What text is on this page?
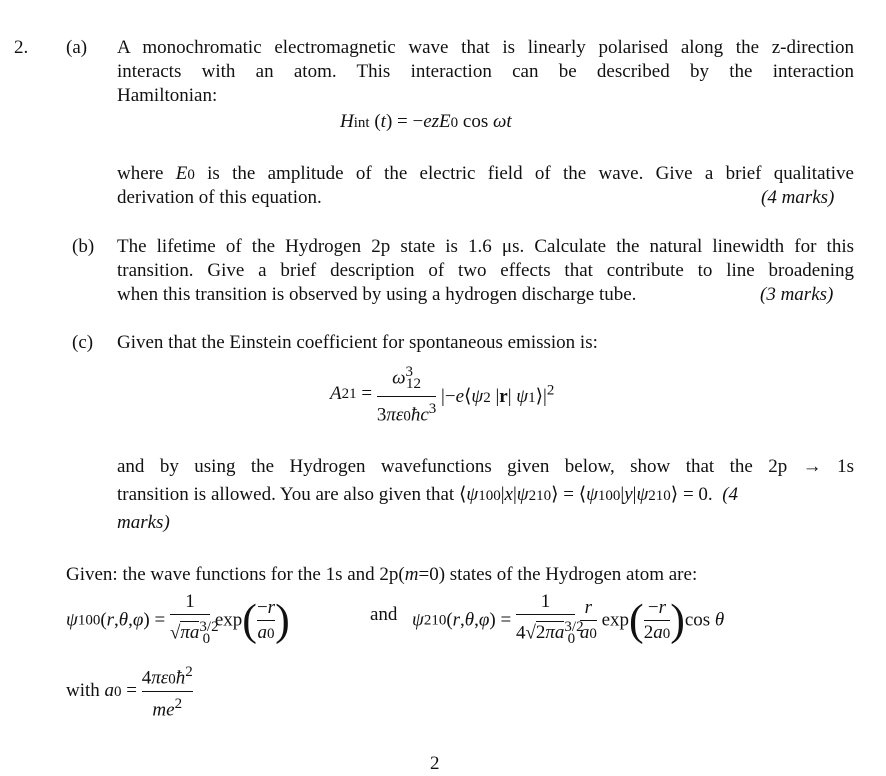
2. (a) A monochromatic electromagnetic wave that is linearly polarised along the z-direction
interacts with an atom. This interaction can be described by the interaction
Hamiltonian:
Hint (t) = −ezE0 cos ωt
where E0 is the amplitude of the electric field of the wave. Give a brief qualitative
derivation of this equation.	(4 marks)
(b) The lifetime of the Hydrogen 2p state is 1.6 μs. Calculate the natural linewidth for this
transition. Give a brief description of two effects that contribute to line broadening
when this transition is observed by using a hydrogen discharge tube.	(3 marks)
(c) Given that the Einstein coefficient for spontaneous emission is:
$A21 = \frac{\omega^3_{12}}{3\pi\varepsilon 0ħc^3}$ |−e⟨ψ2 |r| $\psi 1⟩|^2$
and by using the Hydrogen wavefunctions given below, show that the 2p → 1s
transition is allowed. You are also given that ⟨ψ100|x|ψ210⟩ = ⟨ψ100|y|ψ210⟩ = 0.  (4
marks)
Given: the wave functions for the 1s and 2p(m=0) states of the Hydrogen atom are:
$\psi 100(r,\theta,\varphi) = \frac{1}{√\pi a^{3/2}_0} \exp( \frac{-r}{a0}$ )	and $\psi 210(r,\theta,\varphi) = \frac{1}{4√2\pi a^{3/2}_0}$
$\frac{r}{a0} \exp( \frac{-r}{2a0} )\cos$ θ
with $a0 = \frac{4\pi\varepsilon 0ħ^2}{me^2}$
2
